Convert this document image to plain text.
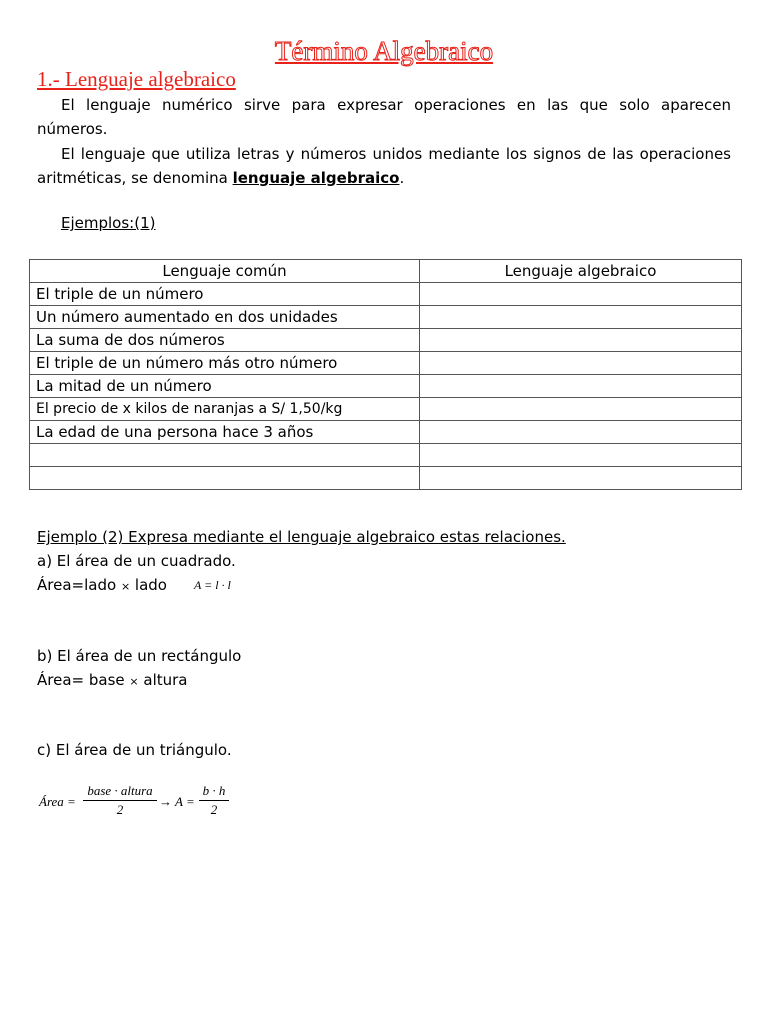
Término Algebraico
1.- Lenguaje algebraico
El lenguaje numérico sirve para expresar operaciones en las que solo aparecen números.
El lenguaje que utiliza letras y números unidos mediante los signos de las operaciones aritméticas, se denomina lenguaje algebraico.
Ejemplos:(1)
Lenguaje común	Lenguaje algebraico
El triple de un número	
Un número aumentado en dos unidades	
La suma de dos números	
El triple de un número más otro número	
La mitad de un número	
El precio de x kilos de naranjas a S/ 1,50/kg	
La edad de una persona hace 3 años	

Ejemplo (2) Expresa mediante el lenguaje algebraico estas relaciones.
a) El área de un cuadrado.
Área=lado × lado A = l · l
b) El área de un rectángulo
Área= base × altura
c) El área de un triángulo.
Área =
base · altura
2
→ A =
b · h
2
